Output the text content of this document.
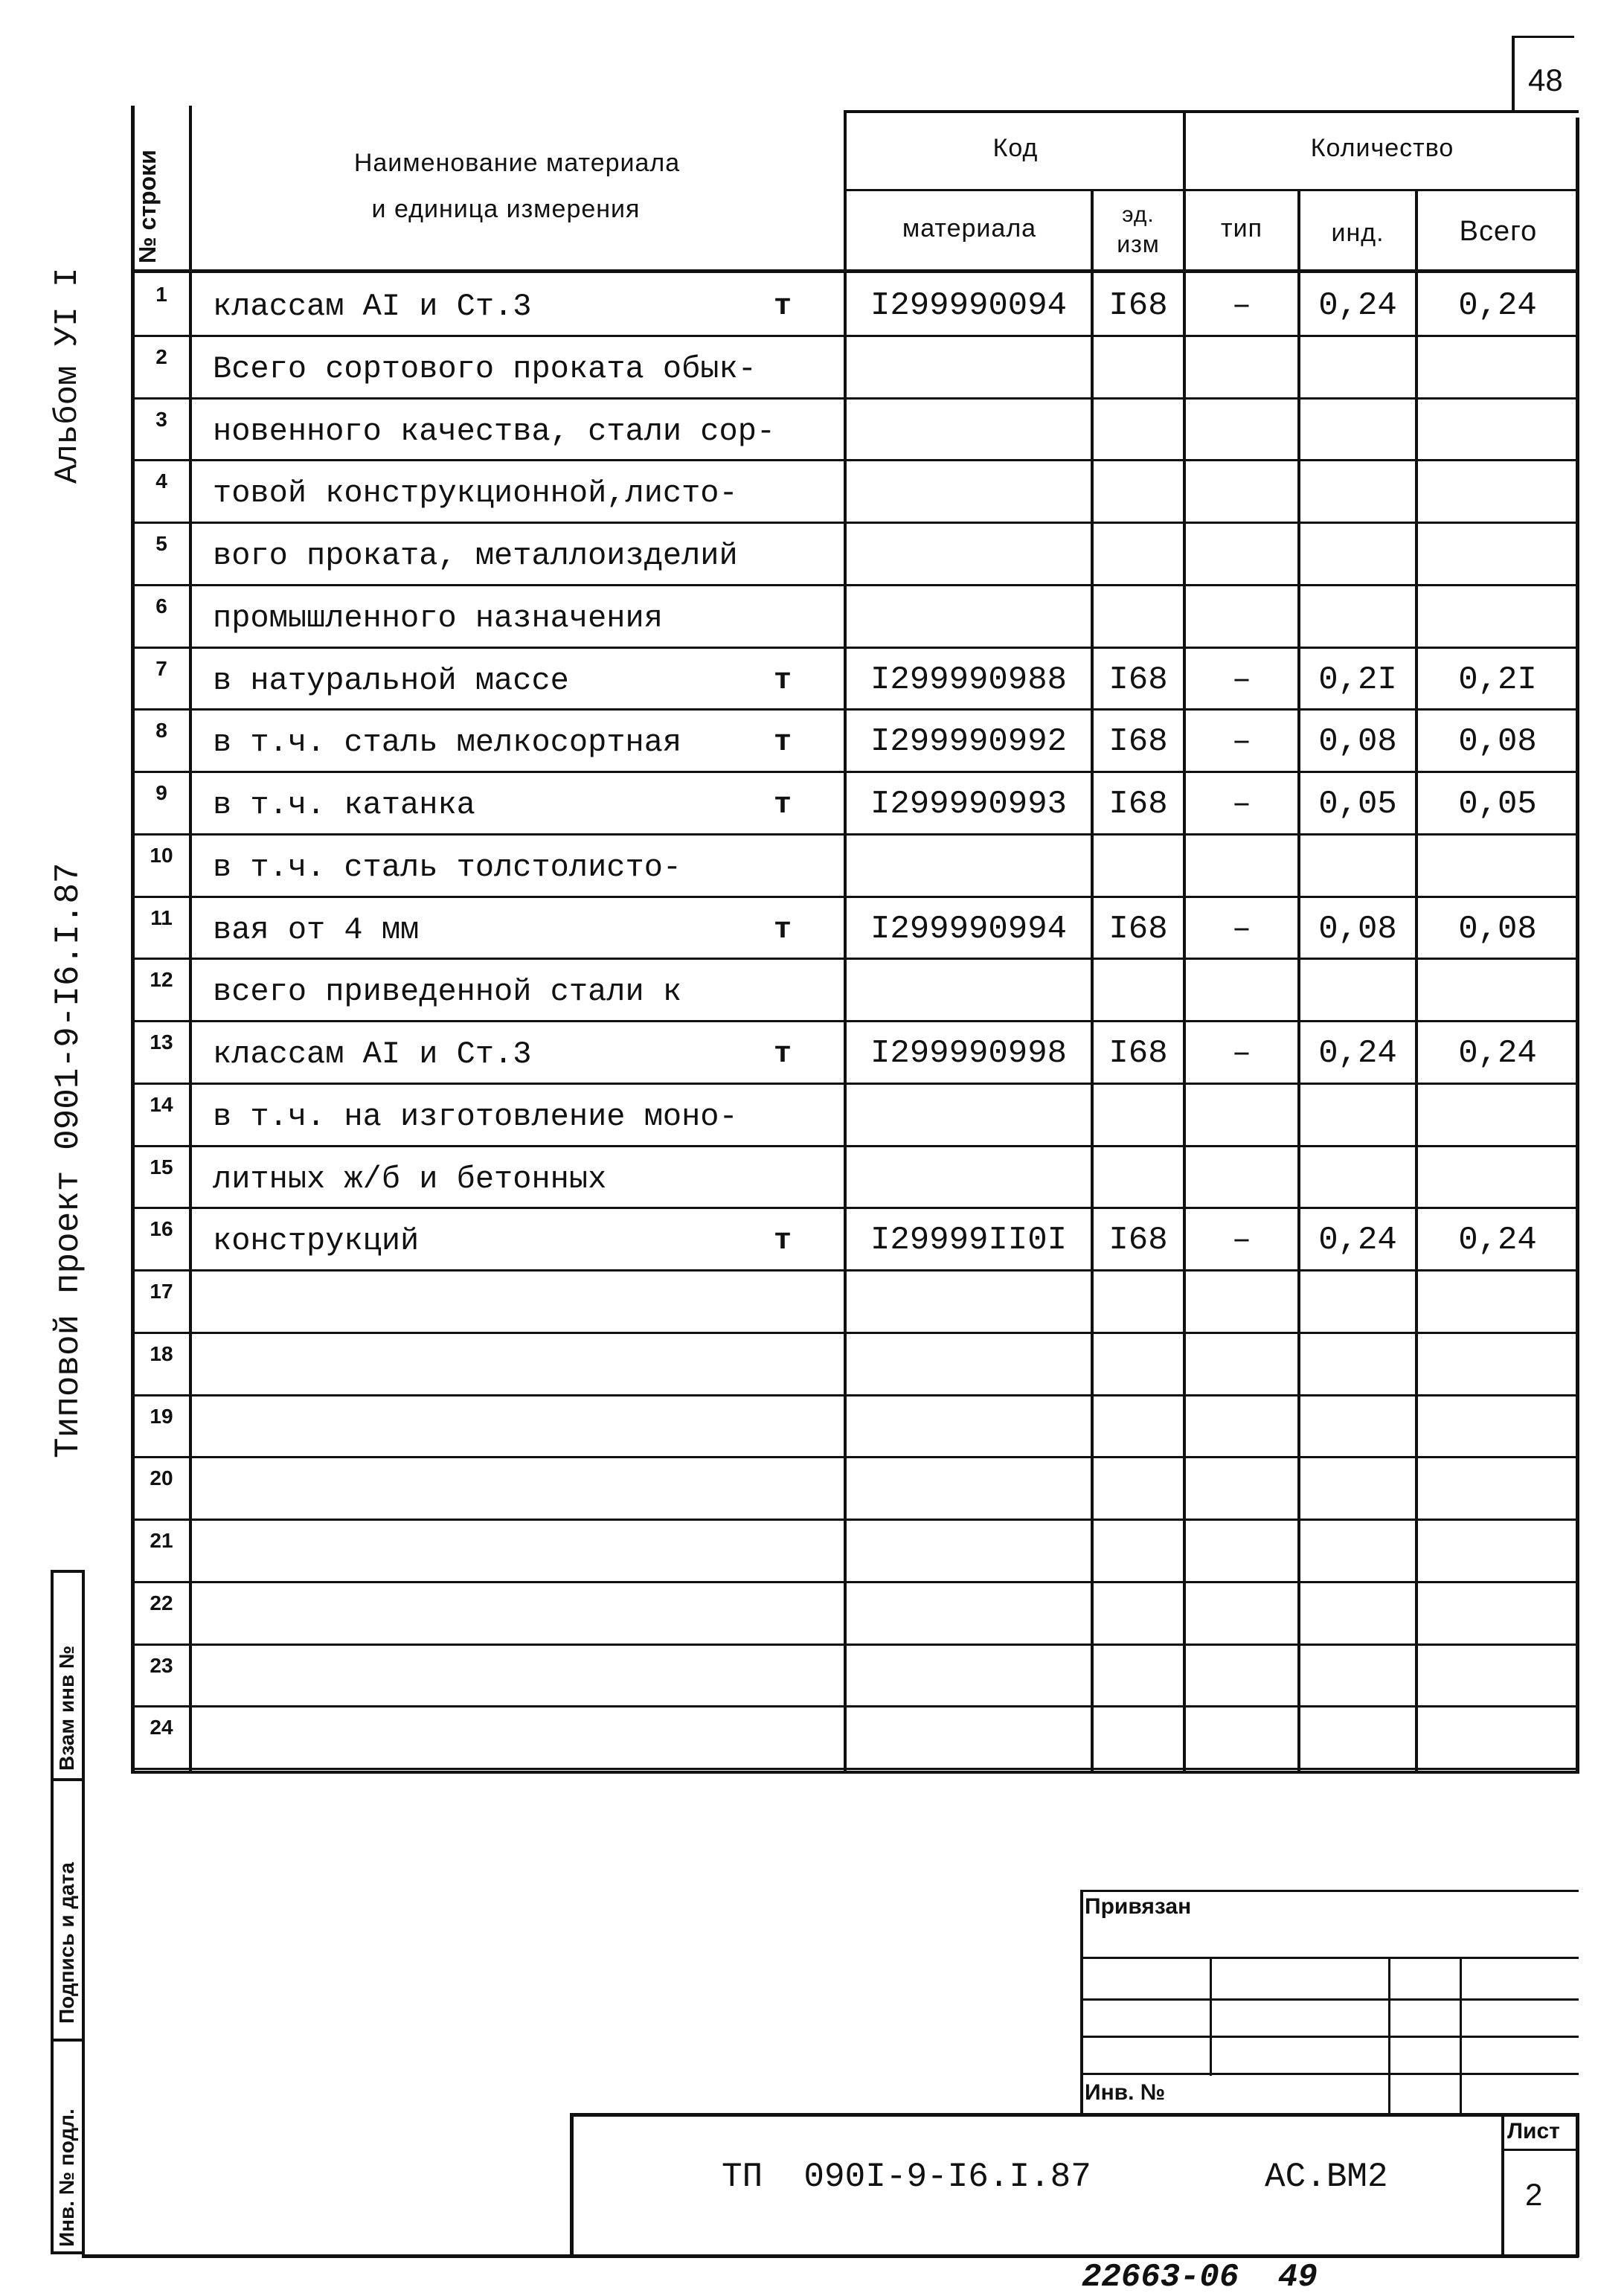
48
Альбом УI I
Типовой проект 0901-9-I6.I.87
Взам инв №
Подпись и дата
Инв. № подл.
№ строки	Наименование материала
и единица измерения
Код	Количество
материала	эд.
изм
тип	инд.	Всего
1	классам AI и Ст.3	т	I299990094	I68	–	0,24	0,24
2	Всего сортового проката обык-
3	новенного качества, стали сор-
4	товой конструкционной,листо-
5	вого проката, металлоизделий
6	промышленного назначения
7	в натуральной массе	т	I299990988	I68	–	0,2I	0,2I
8	в т.ч. сталь мелкосортная	т	I299990992	I68	–	0,08	0,08
9	в т.ч. катанка	т	I299990993	I68	–	0,05	0,05
10	в т.ч. сталь толстолисто-
11	вая от 4 мм	т	I299990994	I68	–	0,08	0,08
12	всего приведенной стали к
13	классам AI и Ст.3	т	I299990998	I68	–	0,24	0,24
14	в т.ч. на изготовление моно-
15	литных ж/б и бетонных
16	конструкций	т	I29999II0I	I68	–	0,24	0,24
17
18
19
20
21
22
23
24
Привязан
Инв. №
ТП  090I-9-I6.I.87	АС.ВМ2
Лист
2
22663-06  49
